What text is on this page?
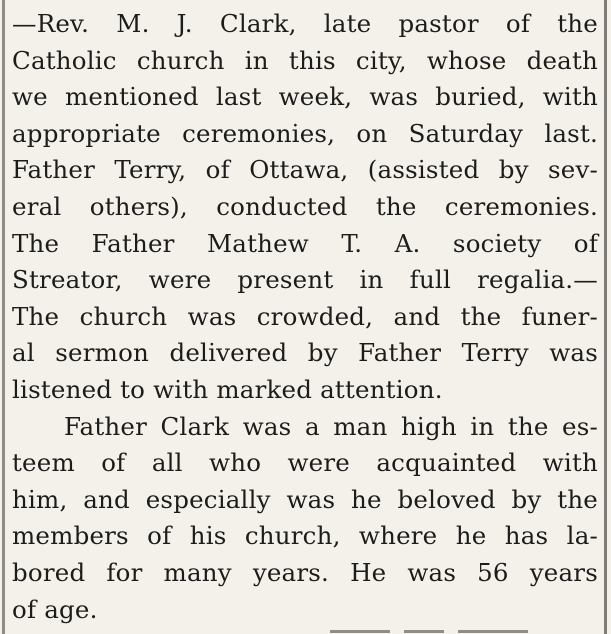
—Rev. M. J. Clark, late pastor of the
Catholic church in this city, whose death
we mentioned last week, was buried, with
appropriate ceremonies, on Saturday last.
Father Terry, of Ottawa, (assisted by sev-
eral others), conducted the ceremonies.
The Father Mathew T. A. society of
Streator, were present in full regalia.—
The church was crowded, and the funer-
al sermon delivered by Father Terry was
listened to with marked attention.
Father Clark was a man high in the es-
teem of all who were acquainted with
him, and especially was he beloved by the
members of his church, where he has la-
bored for many years. He was 56 years
of age.
